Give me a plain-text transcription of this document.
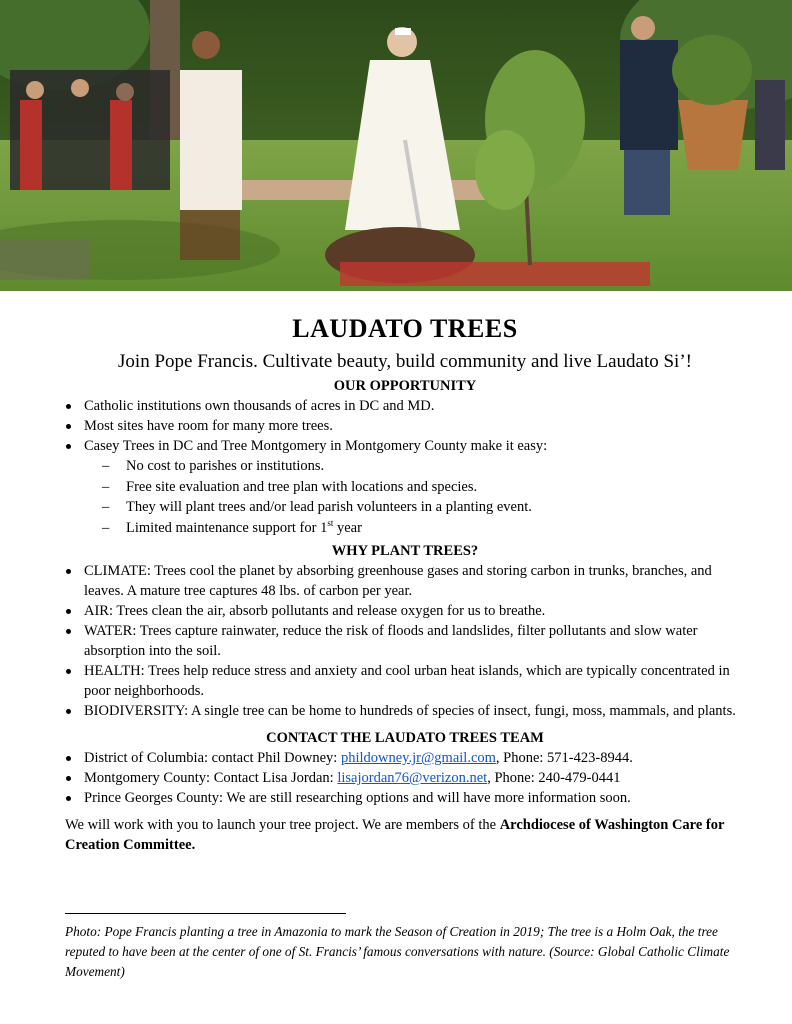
LAUDATO TREES
Join Pope Francis. Cultivate beauty, build community and live Laudato Si’!
OUR OPPORTUNITY
Catholic institutions own thousands of acres in DC and MD.
Most sites have room for many more trees.
Casey Trees in DC and Tree Montgomery in Montgomery County make it easy:
– No cost to parishes or institutions.
– Free site evaluation and tree plan with locations and species.
– They will plant trees and/or lead parish volunteers in a planting event.
– Limited maintenance support for 1st year
WHY PLANT TREES?
CLIMATE: Trees cool the planet by absorbing greenhouse gases and storing carbon in trunks, branches, and leaves. A mature tree captures 48 lbs. of carbon per year.
AIR: Trees clean the air, absorb pollutants and release oxygen for us to breathe.
WATER: Trees capture rainwater, reduce the risk of floods and landslides, filter pollutants and slow water absorption into the soil.
HEALTH: Trees help reduce stress and anxiety and cool urban heat islands, which are typically concentrated in poor neighborhoods.
BIODIVERSITY: A single tree can be home to hundreds of species of insect, fungi, moss, mammals, and plants.
CONTACT THE LAUDATO TREES TEAM
District of Columbia: contact Phil Downey: phildowney.jr@gmail.com, Phone: 571-423-8944.
Montgomery County: Contact Lisa Jordan: lisajordan76@verizon.net, Phone: 240-479-0441
Prince Georges County: We are still researching options and will have more information soon.
We will work with you to launch your tree project. We are members of the Archdiocese of Washington Care for Creation Committee.
Photo: Pope Francis planting a tree in Amazonia to mark the Season of Creation in 2019; The tree is a Holm Oak, the tree reputed to have been at the center of one of St. Francis’ famous conversations with nature. (Source: Global Catholic Climate Movement)
